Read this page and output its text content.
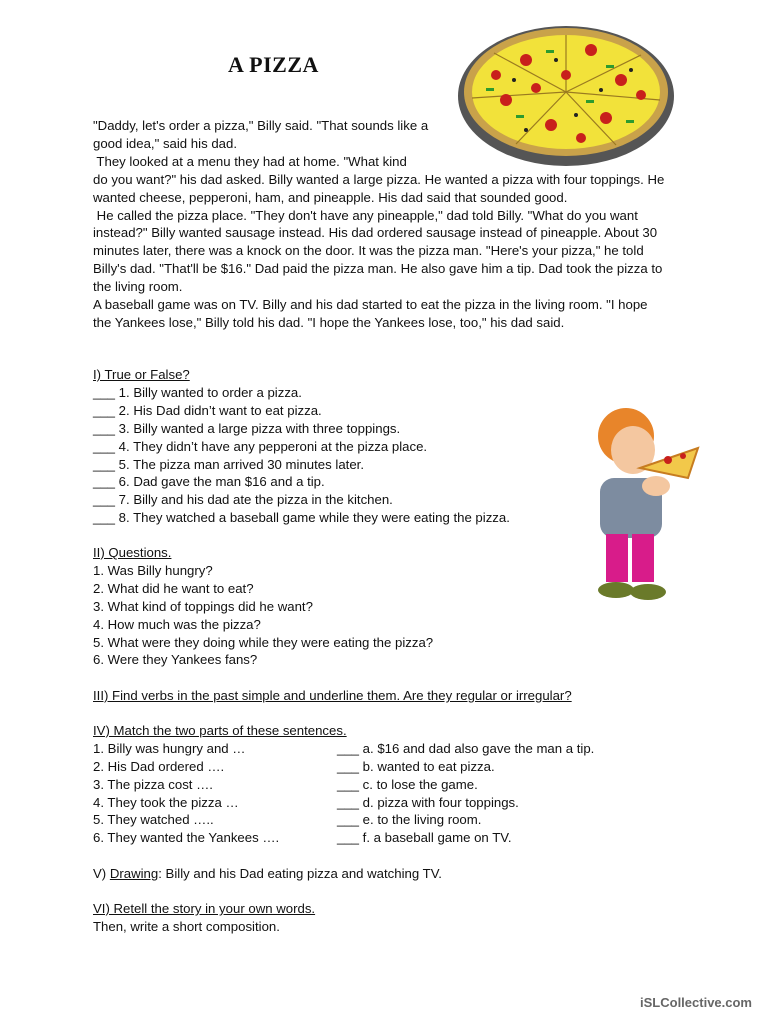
A PIZZA

"Daddy, let's order a pizza," Billy said. "That sounds like a good idea," said his dad.

They looked at a menu they had at home. "What kind

do you want?" his dad asked. Billy wanted a large pizza. He wanted a pizza with four toppings. He wanted cheese, pepperoni, ham, and pineapple. His dad said that sounded good.

He called the pizza place. "They don't have any pineapple," dad told Billy. "What do you want instead?" Billy wanted sausage instead. His dad ordered sausage instead of pineapple. About 30 minutes later, there was a knock on the door. It was the pizza man. "Here's your pizza," he told Billy's dad. "That'll be $16." Dad paid the pizza man. He also gave him a tip. Dad took the pizza to the living room.

A baseball game was on TV. Billy and his dad started to eat the pizza in the living room. "I hope the Yankees lose," Billy told his dad. "I hope the Yankees lose, too," his dad said.

I) True or False?
___ 1. Billy wanted to order a pizza.
___ 2. His Dad didn’t want to eat pizza.
___ 3. Billy wanted a large pizza with three toppings.
___ 4. They didn’t have any pepperoni at the pizza place.
___ 5. The pizza man arrived 30 minutes later.
___ 6. Dad gave the man $16 and a tip.
___ 7. Billy and his dad ate the pizza in the kitchen.
___ 8. They watched a baseball game while they were eating the pizza.
II) Questions.
1. Was Billy hungry?
2. What did he want to eat?
3. What kind of toppings did he want?
4. How much was the pizza?
5. What were they doing while they were eating the pizza?
6. Were they Yankees fans?
III) Find verbs in the past simple and underline them. Are they regular or irregular?
IV) Match the two parts of these sentences.
1. Billy was hungry and …	___ a. $16 and dad also gave the man a tip.
2. His Dad ordered ….	___ b. wanted to eat pizza.
3. The pizza cost ….	___ c. to lose the game.
4. They took the pizza …	___ d. pizza with four toppings.
5. They watched …..	___ e. to the living room.
6. They wanted the Yankees ….	___ f. a baseball game on TV.
V) Drawing: Billy and his Dad eating pizza and watching TV.
VI) Retell the story in your own words.
Then, write a short composition.
iSLCollective.com
